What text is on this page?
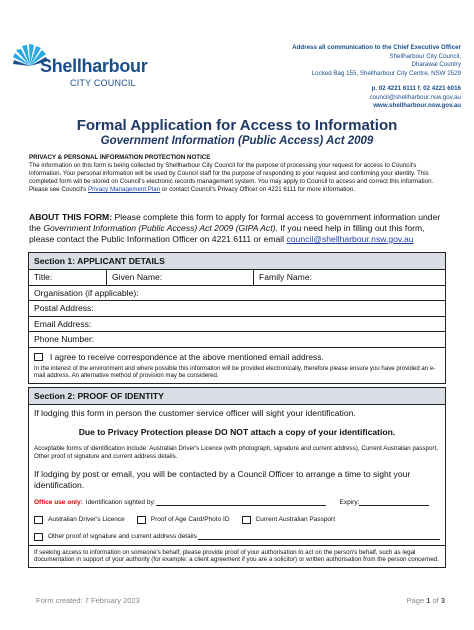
Shellharbour
CITY COUNCIL
Address all communication to the Chief Executive Officer
Shellharbour City Council,
Dharawal Country
Locked Bag 155, Shellharbour City Centre, NSW 2529
p. 02 4221 6111 f. 02 4221 6016
council@shellharbour.nsw.gov.au
www.shellharbour.nsw.gov.au
Formal Application for Access to Information
Government Information (Public Access) Act 2009
PRIVACY & PERSONAL INFORMATION PROTECTION NOTICE
The information on this form is being collected by Shellharbour City Council for the purpose of processing your request for access to Council's information. Your personal information will be used by Council staff for the purpose of responding to your request and confirming your identity. This completed form will be stored on Council's electronic records management system. You may apply to Council to access and correct this information. Please see Council's Privacy Management Plan or contact Council's Privacy Officer on 4221 6111 for more information.
ABOUT THIS FORM: Please complete this form to apply for formal access to government information under the Government Information (Public Access) Act 2009 (GIPA Act). If you need help in filling out this form, please contact the Public Information Officer on 4221 6111 or email council@shellharbour.nsw.gov.au
Section 1: APPLICANT DETAILS
Title:	Given Name:	Family Name:
Organisation (if applicable):
Postal Address:
Email Address:
Phone Number:
I agree to receive correspondence at the above mentioned email address.
In the interest of the environment and where possible this information will be provided electronically, therefore please ensure you have provided an e-mail address. An alternative method of provision may be considered.
Section 2: PROOF OF IDENTITY
If lodging this form in person the customer service officer will sight your identification.
Due to Privacy Protection please DO NOT attach a copy of your identification.
Acceptable forms of identification include: Australian Driver's Licence (with photograph, signature and current address), Current Australian passport, Other proof of signature and current address details.
If lodging by post or email, you will be contacted by a Council Officer to arrange a time to sight your identification.
Office use only: Identification sighted by:	Expiry:
Australian Driver's Licence	Proof of Age Card/Photo ID	Current Australian Passport
Other proof of signature and current address details
If seeking access to information on someone's behalf, please provide proof of your authorisation to act on the person's behalf, such as legal documentation in support of your authority (for example: a client agreement if you are a solicitor) or written authorisation from the person concerned.
Form created: 7 February 2023	Page 1 of 3
